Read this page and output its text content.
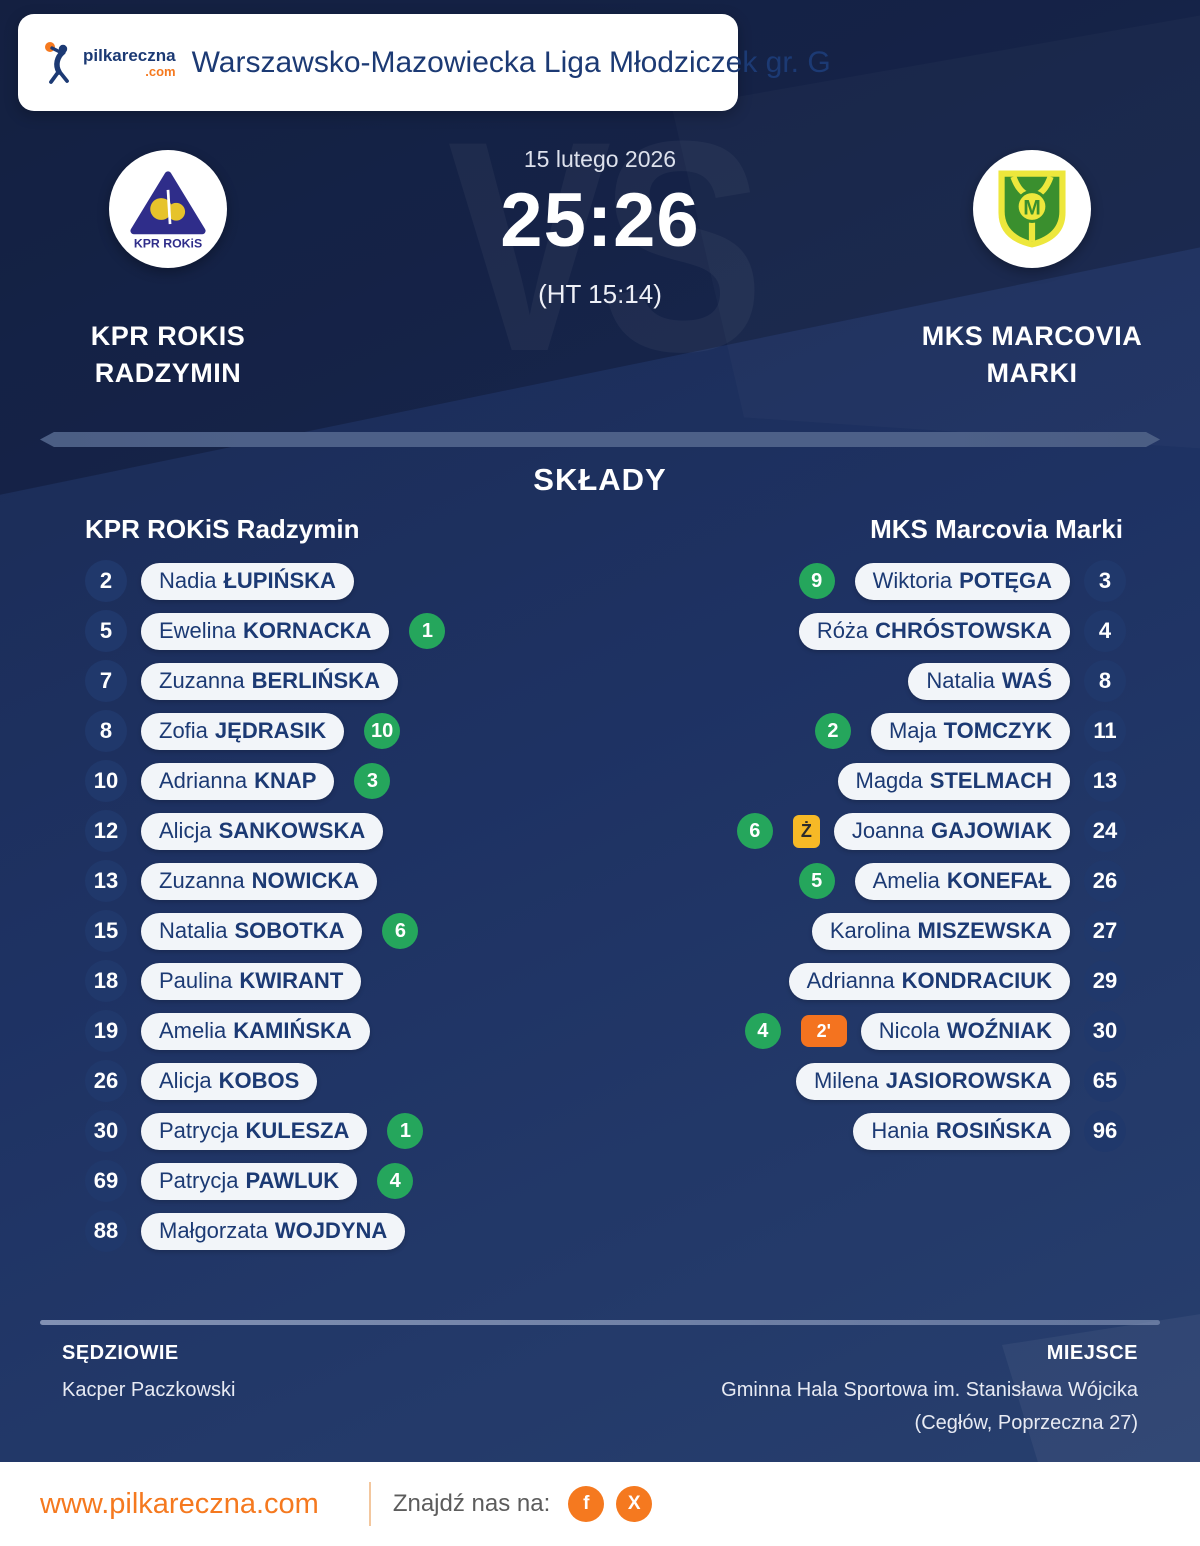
pilkareczna
.com Warszawsko-Mazowiecka Liga Młodziczek gr. G
KPR ROKiS
M
KPR ROKIS
RADZYMIN
MKS MARCOVIA
MARKI
15 lutego 2026
25:26
(HT 15:14)
SKŁADY
KPR ROKiS Radzymin	MKS Marcovia Marki
2	Nadia ŁUPIŃSKA
5	Ewelina KORNACKA	1
7	Zuzanna BERLIŃSKA
8	Zofia JĘDRASIK	10
10	Adrianna KNAP	3
12	Alicja SANKOWSKA
13	Zuzanna NOWICKA
15	Natalia SOBOTKA	6
18	Paulina KWIRANT
19	Amelia KAMIŃSKA
26	Alicja KOBOS
30	Patrycja KULESZA	1
69	Patrycja PAWLUK	4
88	Małgorzata WOJDYNA
9	Wiktoria POTĘGA	3
Róża CHRÓSTOWSKA	4
Natalia WAŚ	8
2	Maja TOMCZYK	11
Magda STELMACH	13
6	Ż	Joanna GAJOWIAK	24
5	Amelia KONEFAŁ	26
Karolina MISZEWSKA	27
Adrianna KONDRACIUK	29
4	2'	Nicola WOŹNIAK	30
Milena JASIOROWSKA	65
Hania ROSIŃSKA	96
SĘDZIOWIE
Kacper Paczkowski
MIEJSCE
Gminna Hala Sportowa im. Stanisława Wójcika (Cegłów, Poprzeczna 27)
www.pilkareczna.com	Znajdź nas na:	f	X
